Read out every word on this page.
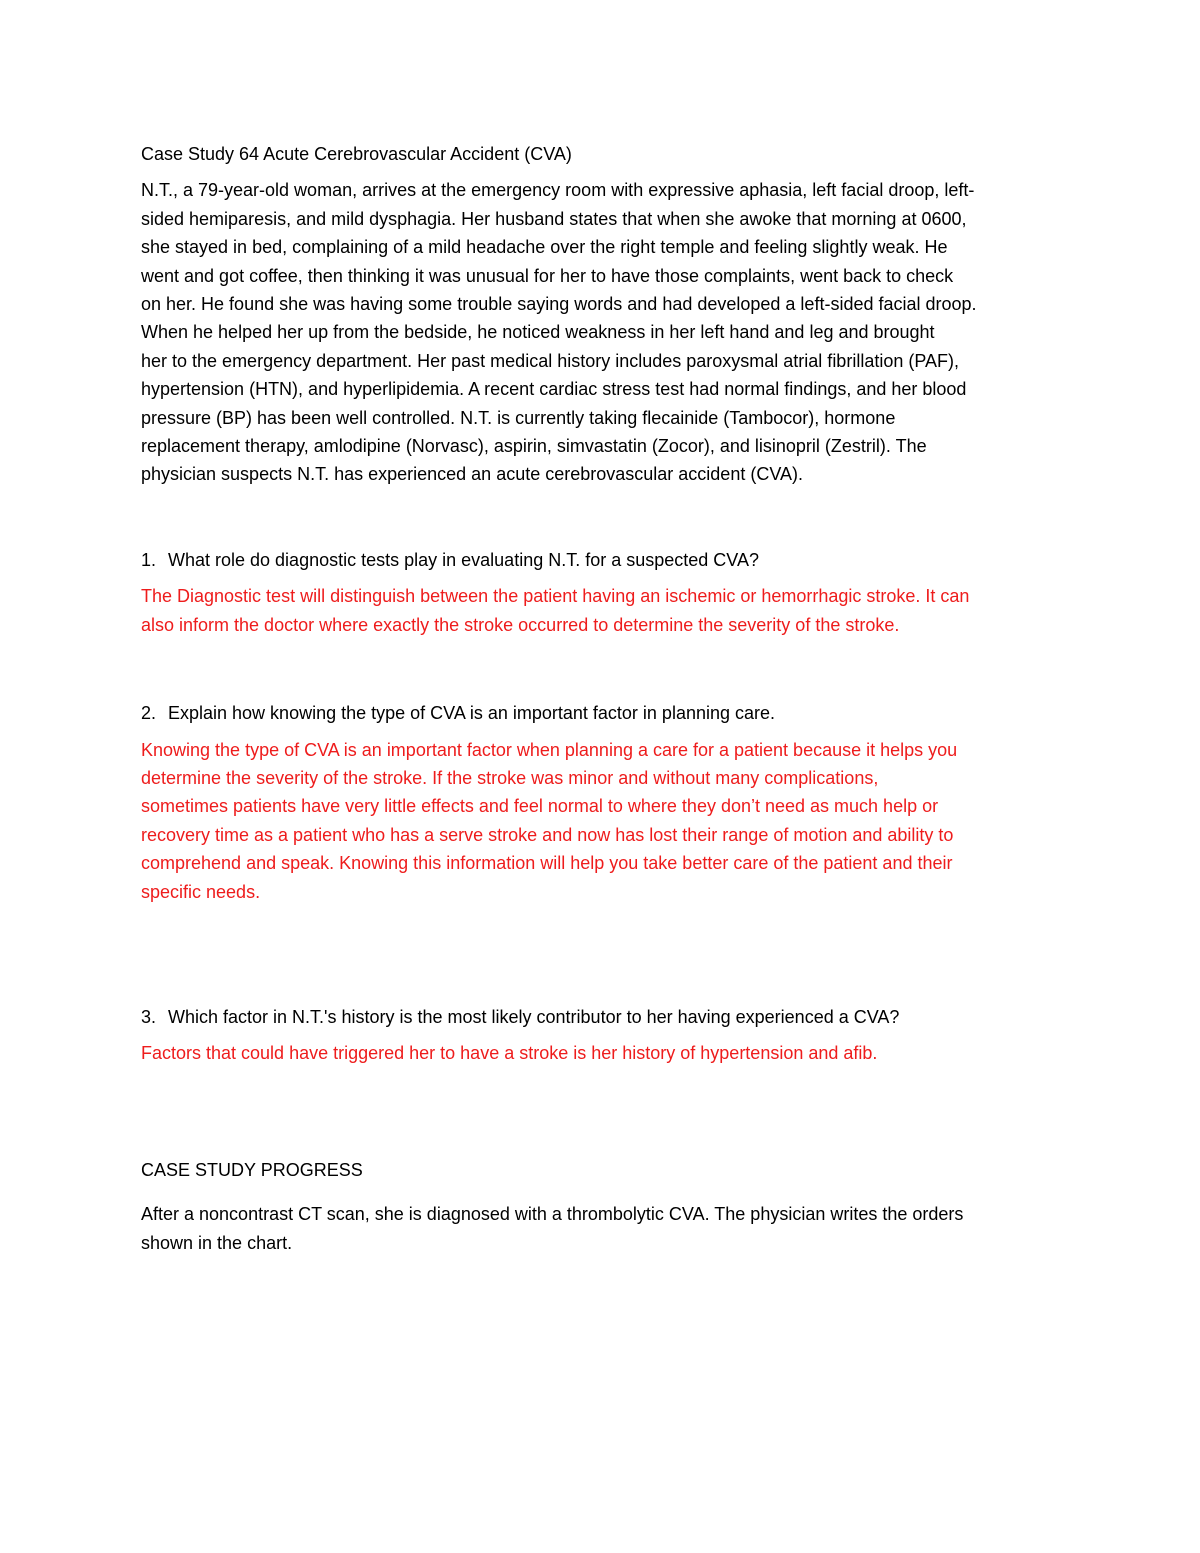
Case Study 64 Acute Cerebrovascular Accident (CVA)

N.T., a 79-year-old woman, arrives at the emergency room with expressive aphasia, left facial droop, left-
sided hemiparesis, and mild dysphagia. Her husband states that when she awoke that morning at 0600,
she stayed in bed, complaining of a mild headache over the right temple and feeling slightly weak. He
went and got coffee, then thinking it was unusual for her to have those complaints, went back to check
on her. He found she was having some trouble saying words and had developed a left-sided facial droop.
When he helped her up from the bedside, he noticed weakness in her left hand and leg and brought
her to the emergency department. Her past medical history includes paroxysmal atrial fibrillation (PAF),
hypertension (HTN), and hyperlipidemia. A recent cardiac stress test had normal findings, and her blood
pressure (BP) has been well controlled. N.T. is currently taking flecainide (Tambocor), hormone
replacement therapy, amlodipine (Norvasc), aspirin, simvastatin (Zocor), and lisinopril (Zestril). The
physician suspects N.T. has experienced an acute cerebrovascular accident (CVA).

1. What role do diagnostic tests play in evaluating N.T. for a suspected CVA?

The Diagnostic test will distinguish between the patient having an ischemic or hemorrhagic stroke. It can
also inform the doctor where exactly the stroke occurred to determine the severity of the stroke.

2. Explain how knowing the type of CVA is an important factor in planning care.

Knowing the type of CVA is an important factor when planning a care for a patient because it helps you
determine the severity of the stroke. If the stroke was minor and without many complications,
sometimes patients have very little effects and feel normal to where they don’t need as much help or
recovery time as a patient who has a serve stroke and now has lost their range of motion and ability to
comprehend and speak. Knowing this information will help you take better care of the patient and their
specific needs.

3. Which factor in N.T.'s history is the most likely contributor to her having experienced a CVA?

Factors that could have triggered her to have a stroke is her history of hypertension and afib.

CASE STUDY PROGRESS

After a noncontrast CT scan, she is diagnosed with a thrombolytic CVA. The physician writes the orders
shown in the chart.
